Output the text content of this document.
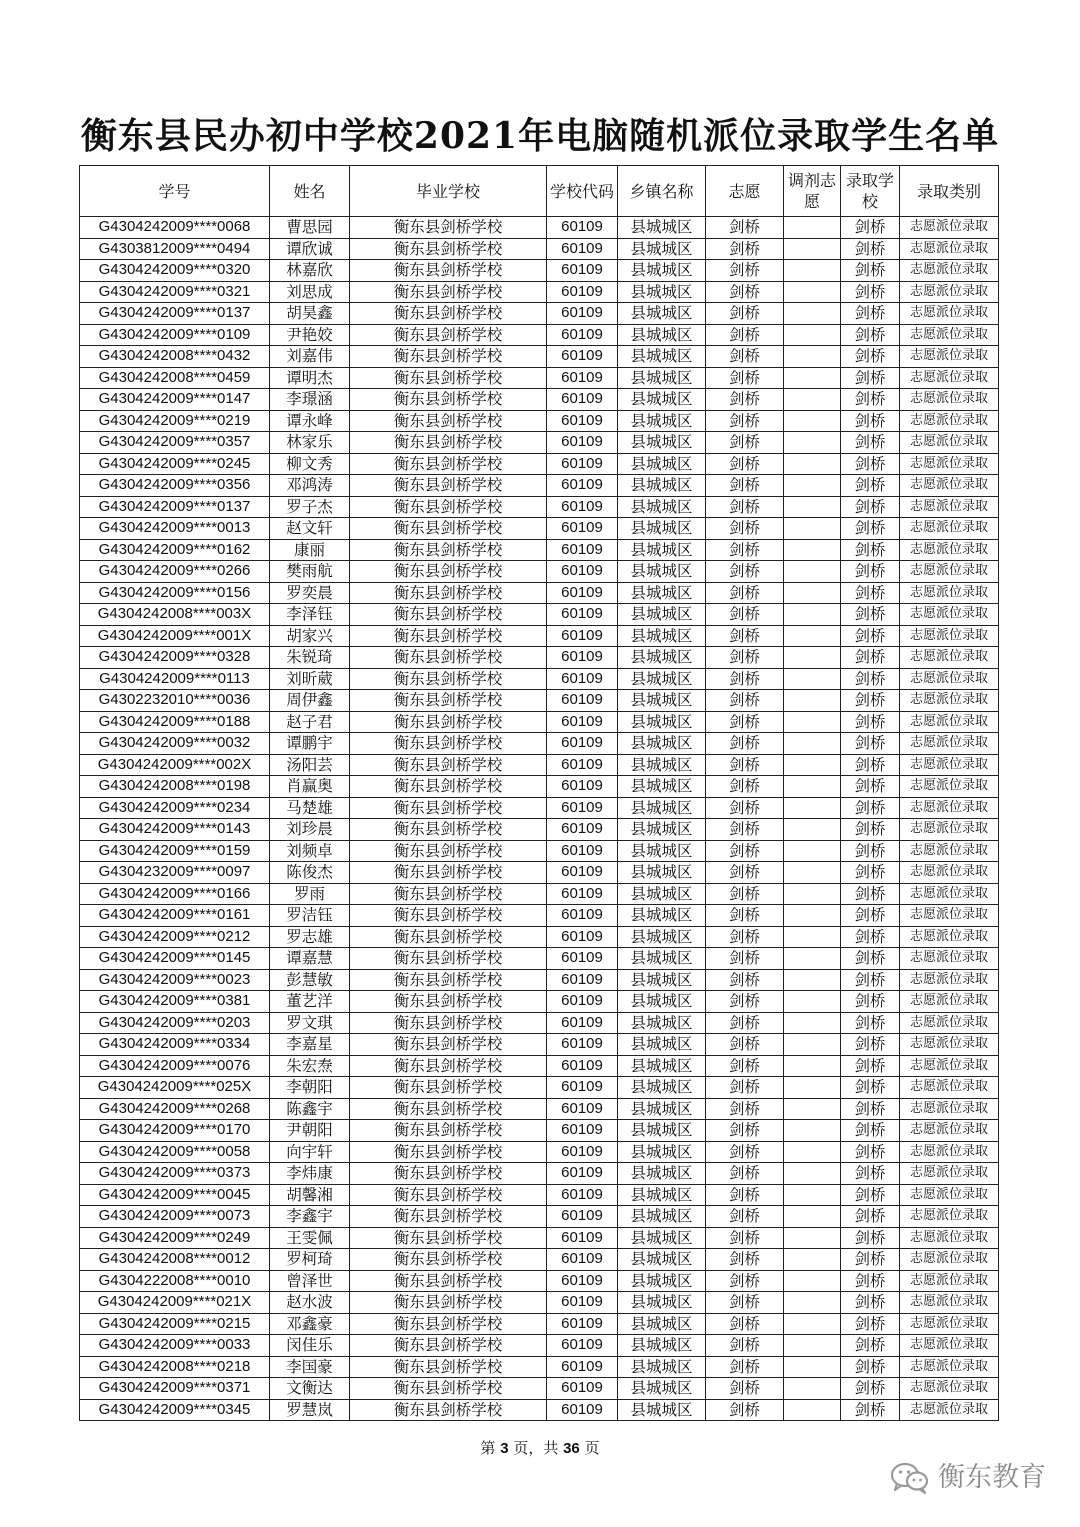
衡东县民办初中学校2021年电脑随机派位录取学生名单
学号	姓名	毕业学校	学校代码	乡镇名称	志愿	调剂志愿	录取学校	录取类别
G4304242009****0068	曹思园	衡东县剑桥学校	60109	县城城区	剑桥		剑桥	志愿派位录取
G4303812009****0494	谭欣诚	衡东县剑桥学校	60109	县城城区	剑桥		剑桥	志愿派位录取
G4304242009****0320	林嘉欣	衡东县剑桥学校	60109	县城城区	剑桥		剑桥	志愿派位录取
G4304242009****0321	刘思成	衡东县剑桥学校	60109	县城城区	剑桥		剑桥	志愿派位录取
G4304242009****0137	胡昊鑫	衡东县剑桥学校	60109	县城城区	剑桥		剑桥	志愿派位录取
G4304242009****0109	尹艳姣	衡东县剑桥学校	60109	县城城区	剑桥		剑桥	志愿派位录取
G4304242008****0432	刘嘉伟	衡东县剑桥学校	60109	县城城区	剑桥		剑桥	志愿派位录取
G4304242008****0459	谭明杰	衡东县剑桥学校	60109	县城城区	剑桥		剑桥	志愿派位录取
G4304242009****0147	李璟涵	衡东县剑桥学校	60109	县城城区	剑桥		剑桥	志愿派位录取
G4304242009****0219	谭永峰	衡东县剑桥学校	60109	县城城区	剑桥		剑桥	志愿派位录取
G4304242009****0357	林家乐	衡东县剑桥学校	60109	县城城区	剑桥		剑桥	志愿派位录取
G4304242009****0245	柳文秀	衡东县剑桥学校	60109	县城城区	剑桥		剑桥	志愿派位录取
G4304242009****0356	邓鸿涛	衡东县剑桥学校	60109	县城城区	剑桥		剑桥	志愿派位录取
G4304242009****0137	罗子杰	衡东县剑桥学校	60109	县城城区	剑桥		剑桥	志愿派位录取
G4304242009****0013	赵文轩	衡东县剑桥学校	60109	县城城区	剑桥		剑桥	志愿派位录取
G4304242009****0162	康丽	衡东县剑桥学校	60109	县城城区	剑桥		剑桥	志愿派位录取
G4304242009****0266	樊雨航	衡东县剑桥学校	60109	县城城区	剑桥		剑桥	志愿派位录取
G4304242009****0156	罗奕晨	衡东县剑桥学校	60109	县城城区	剑桥		剑桥	志愿派位录取
G4304242008****003X	李泽钰	衡东县剑桥学校	60109	县城城区	剑桥		剑桥	志愿派位录取
G4304242009****001X	胡家兴	衡东县剑桥学校	60109	县城城区	剑桥		剑桥	志愿派位录取
G4304242009****0328	朱锐琦	衡东县剑桥学校	60109	县城城区	剑桥		剑桥	志愿派位录取
G4304242009****0113	刘昕葳	衡东县剑桥学校	60109	县城城区	剑桥		剑桥	志愿派位录取
G4302232010****0036	周伊鑫	衡东县剑桥学校	60109	县城城区	剑桥		剑桥	志愿派位录取
G4304242009****0188	赵子君	衡东县剑桥学校	60109	县城城区	剑桥		剑桥	志愿派位录取
G4304242009****0032	谭鹏宇	衡东县剑桥学校	60109	县城城区	剑桥		剑桥	志愿派位录取
G4304242009****002X	汤阳芸	衡东县剑桥学校	60109	县城城区	剑桥		剑桥	志愿派位录取
G4304242008****0198	肖赢奥	衡东县剑桥学校	60109	县城城区	剑桥		剑桥	志愿派位录取
G4304242009****0234	马楚雄	衡东县剑桥学校	60109	县城城区	剑桥		剑桥	志愿派位录取
G4304242009****0143	刘珍晨	衡东县剑桥学校	60109	县城城区	剑桥		剑桥	志愿派位录取
G4304242009****0159	刘频卓	衡东县剑桥学校	60109	县城城区	剑桥		剑桥	志愿派位录取
G4304232009****0097	陈俊杰	衡东县剑桥学校	60109	县城城区	剑桥		剑桥	志愿派位录取
G4304242009****0166	罗雨	衡东县剑桥学校	60109	县城城区	剑桥		剑桥	志愿派位录取
G4304242009****0161	罗洁钰	衡东县剑桥学校	60109	县城城区	剑桥		剑桥	志愿派位录取
G4304242009****0212	罗志雄	衡东县剑桥学校	60109	县城城区	剑桥		剑桥	志愿派位录取
G4304242009****0145	谭嘉慧	衡东县剑桥学校	60109	县城城区	剑桥		剑桥	志愿派位录取
G4304242009****0023	彭慧敏	衡东县剑桥学校	60109	县城城区	剑桥		剑桥	志愿派位录取
G4304242009****0381	董艺洋	衡东县剑桥学校	60109	县城城区	剑桥		剑桥	志愿派位录取
G4304242009****0203	罗文琪	衡东县剑桥学校	60109	县城城区	剑桥		剑桥	志愿派位录取
G4304242009****0334	李嘉星	衡东县剑桥学校	60109	县城城区	剑桥		剑桥	志愿派位录取
G4304242009****0076	朱宏焘	衡东县剑桥学校	60109	县城城区	剑桥		剑桥	志愿派位录取
G4304242009****025X	李朝阳	衡东县剑桥学校	60109	县城城区	剑桥		剑桥	志愿派位录取
G4304242009****0268	陈鑫宇	衡东县剑桥学校	60109	县城城区	剑桥		剑桥	志愿派位录取
G4304242009****0170	尹朝阳	衡东县剑桥学校	60109	县城城区	剑桥		剑桥	志愿派位录取
G4304242009****0058	向宇轩	衡东县剑桥学校	60109	县城城区	剑桥		剑桥	志愿派位录取
G4304242009****0373	李炜康	衡东县剑桥学校	60109	县城城区	剑桥		剑桥	志愿派位录取
G4304242009****0045	胡馨湘	衡东县剑桥学校	60109	县城城区	剑桥		剑桥	志愿派位录取
G4304242009****0073	李鑫宇	衡东县剑桥学校	60109	县城城区	剑桥		剑桥	志愿派位录取
G4304242009****0249	王雯佩	衡东县剑桥学校	60109	县城城区	剑桥		剑桥	志愿派位录取
G4304242008****0012	罗柯琦	衡东县剑桥学校	60109	县城城区	剑桥		剑桥	志愿派位录取
G4304222008****0010	曾泽世	衡东县剑桥学校	60109	县城城区	剑桥		剑桥	志愿派位录取
G4304242009****021X	赵水波	衡东县剑桥学校	60109	县城城区	剑桥		剑桥	志愿派位录取
G4304242009****0215	邓鑫豪	衡东县剑桥学校	60109	县城城区	剑桥		剑桥	志愿派位录取
G4304242009****0033	闵佳乐	衡东县剑桥学校	60109	县城城区	剑桥		剑桥	志愿派位录取
G4304242008****0218	李国豪	衡东县剑桥学校	60109	县城城区	剑桥		剑桥	志愿派位录取
G4304242009****0371	文衡达	衡东县剑桥学校	60109	县城城区	剑桥		剑桥	志愿派位录取
G4304242009****0345	罗慧岚	衡东县剑桥学校	60109	县城城区	剑桥		剑桥	志愿派位录取
第 3 页，共 36 页
衡东教育
